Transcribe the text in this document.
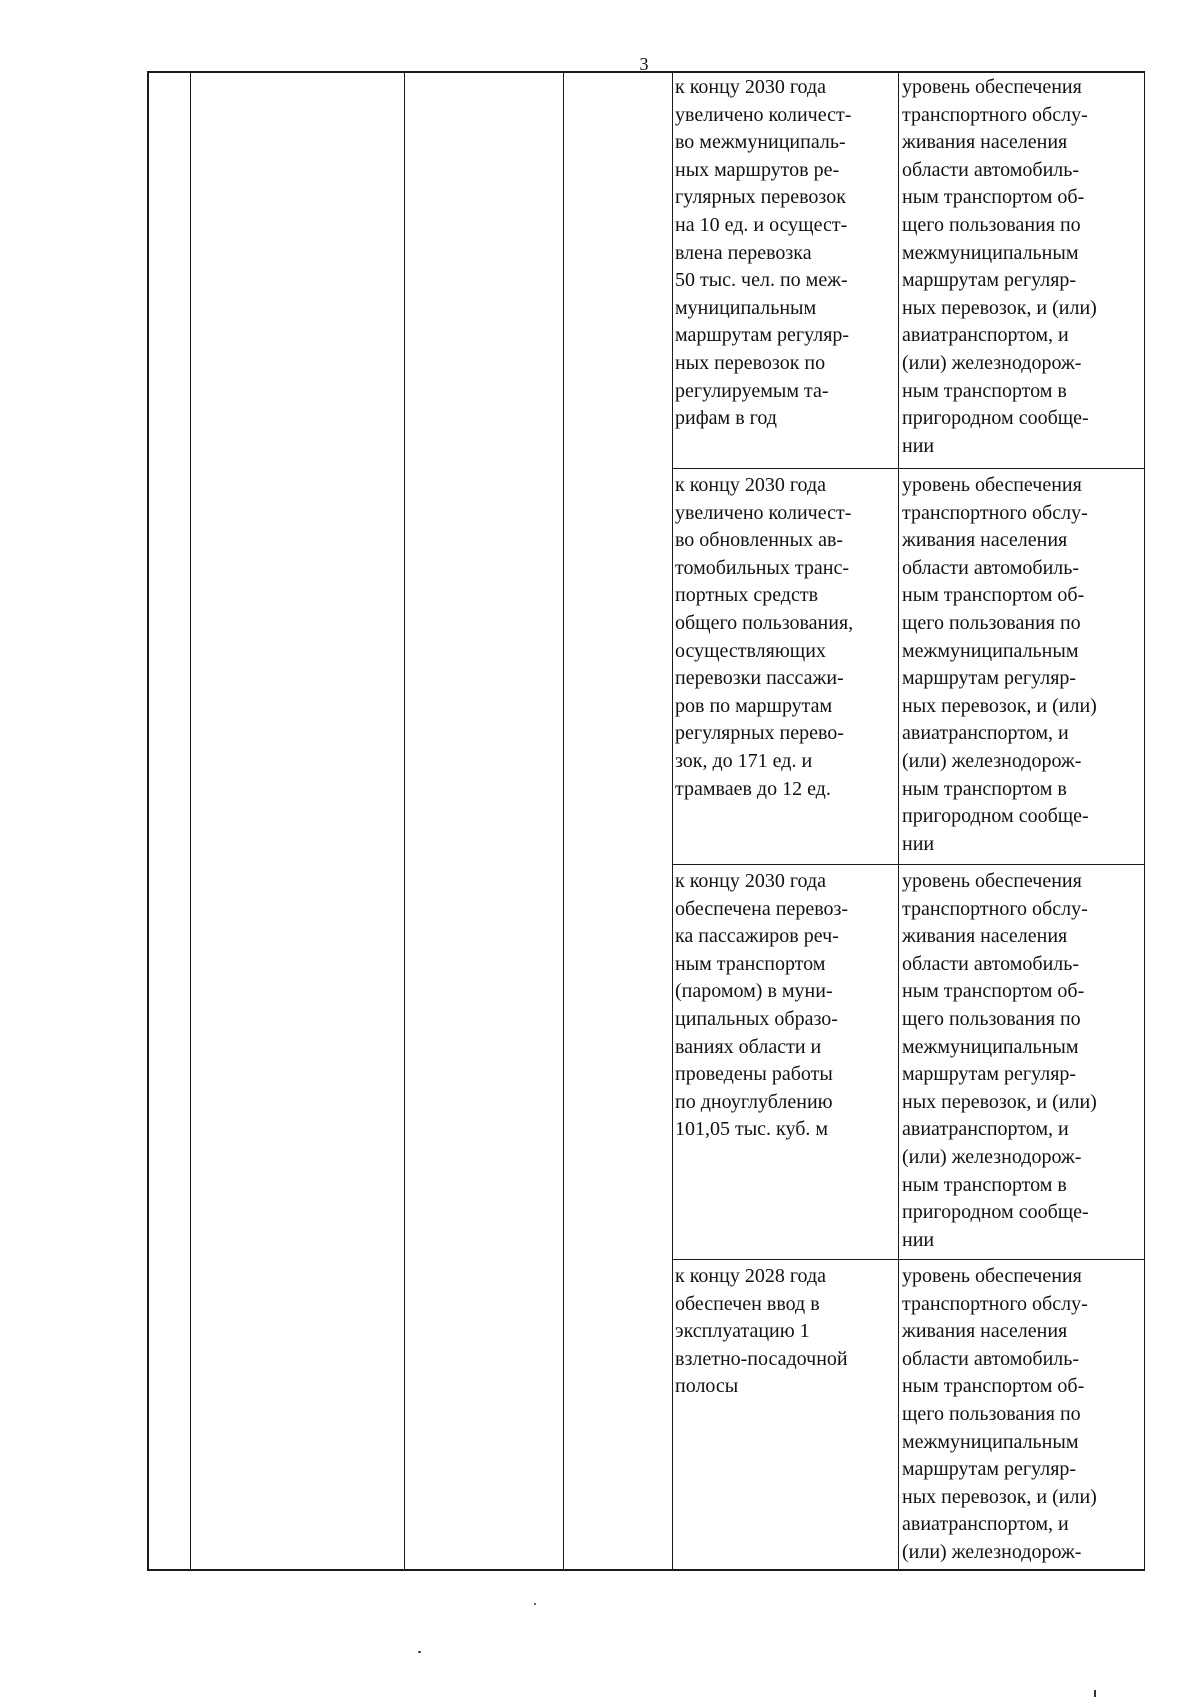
3
к концу 2030 года
увеличено количест-
во межмуниципаль-
ных маршрутов ре-
гулярных перевозок
на 10 ед. и осущест-
влена перевозка
50 тыс. чел. по меж-
муниципальным
маршрутам регуляр-
ных перевозок по
регулируемым та-
рифам в год
уровень обеспечения
транспортного обслу-
живания населения
области автомобиль-
ным транспортом об-
щего пользования по
межмуниципальным
маршрутам регуляр-
ных перевозок, и (или)
авиатранспортом, и
(или) железнодорож-
ным транспортом в
пригородном сообще-
нии
к концу 2030 года
увеличено количест-
во обновленных ав-
томобильных транс-
портных средств
общего пользования,
осуществляющих
перевозки пассажи-
ров по маршрутам
регулярных перево-
зок, до 171 ед. и
трамваев до 12 ед.
уровень обеспечения
транспортного обслу-
живания населения
области автомобиль-
ным транспортом об-
щего пользования по
межмуниципальным
маршрутам регуляр-
ных перевозок, и (или)
авиатранспортом, и
(или) железнодорож-
ным транспортом в
пригородном сообще-
нии
к концу 2030 года
обеспечена перевоз-
ка пассажиров реч-
ным транспортом
(паромом) в муни-
ципальных образо-
ваниях области и
проведены работы
по дноуглублению
101,05 тыс. куб. м
уровень обеспечения
транспортного обслу-
живания населения
области автомобиль-
ным транспортом об-
щего пользования по
межмуниципальным
маршрутам регуляр-
ных перевозок, и (или)
авиатранспортом, и
(или) железнодорож-
ным транспортом в
пригородном сообще-
нии
к концу 2028 года
обеспечен ввод в
эксплуатацию 1
взлетно-посадочной
полосы
уровень обеспечения
транспортного обслу-
живания населения
области автомобиль-
ным транспортом об-
щего пользования по
межмуниципальным
маршрутам регуляр-
ных перевозок, и (или)
авиатранспортом, и
(или) железнодорож-
